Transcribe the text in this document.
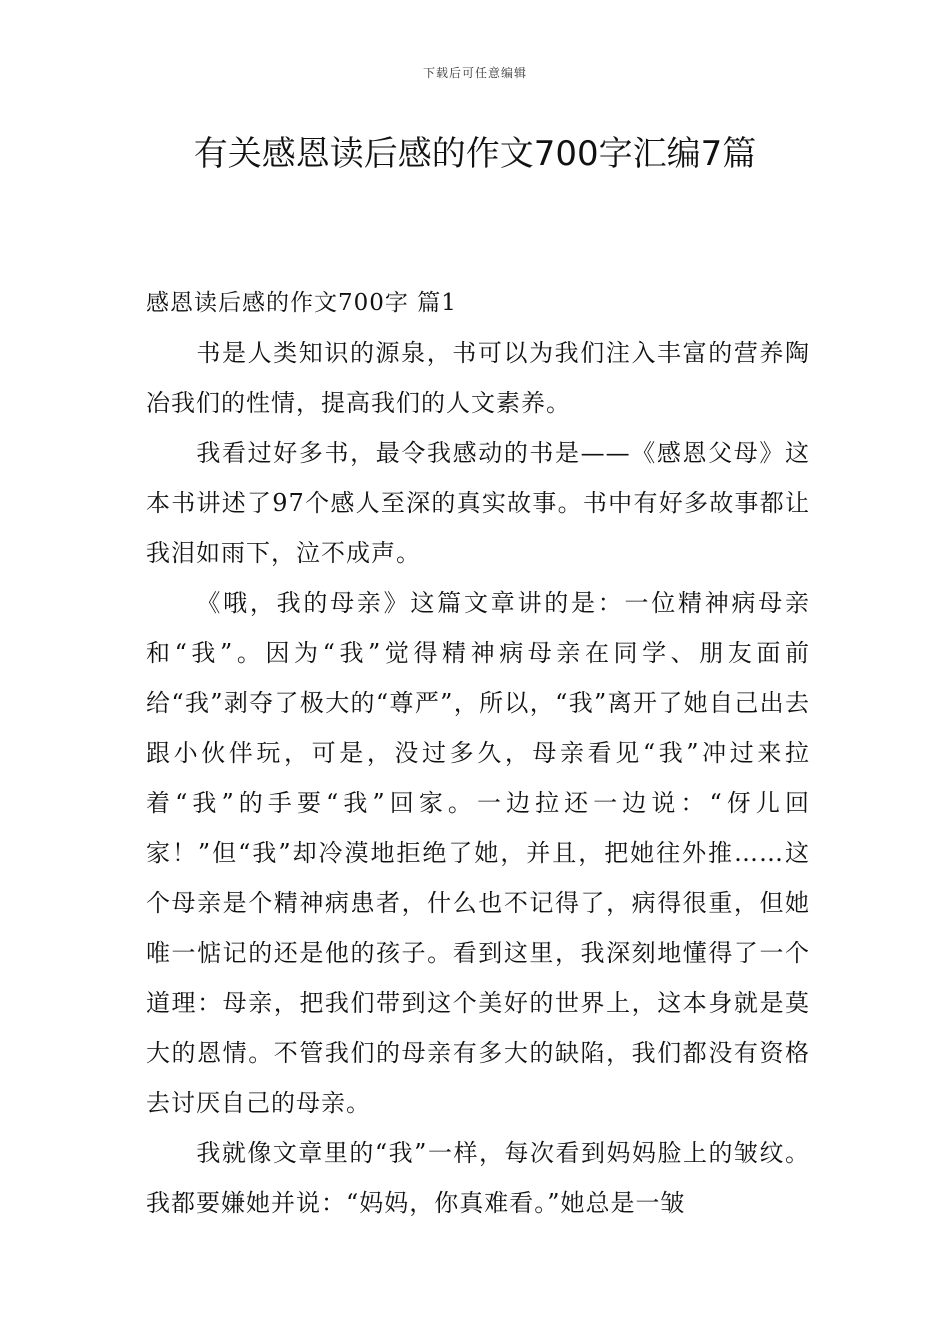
下载后可任意编辑
有关感恩读后感的作文700字汇编7篇

感恩读后感的作文700字 篇1

书是人类知识的源泉，书可以为我们注入丰富的营养陶冶我们的性情，提高我们的人文素养。

我看过好多书，最令我感动的书是——《感恩父母》这本书讲述了97个感人至深的真实故事。书中有好多故事都让我泪如雨下，泣不成声。

《哦，我的母亲》这篇文章讲的是：一位精神病母亲和“我”。因为“我”觉得精神病母亲在同学、朋友面前给“我”剥夺了极大的“尊严”，所以，“我”离开了她自己出去跟小伙伴玩，可是，没过多久，母亲看见“我”冲过来拉着“我”的手要“我”回家。一边拉还一边说：“伢儿回家！”但“我”却冷漠地拒绝了她，并且，把她往外推……这个母亲是个精神病患者，什么也不记得了，病得很重，但她唯一惦记的还是他的孩子。看到这里，我深刻地懂得了一个道理：母亲，把我们带到这个美好的世界上，这本身就是莫大的恩情。不管我们的母亲有多大的缺陷，我们都没有资格去讨厌自己的母亲。

我就像文章里的“我”一样，每次看到妈妈脸上的皱纹。我都要嫌她并说：“妈妈，你真难看。”她总是一皱
